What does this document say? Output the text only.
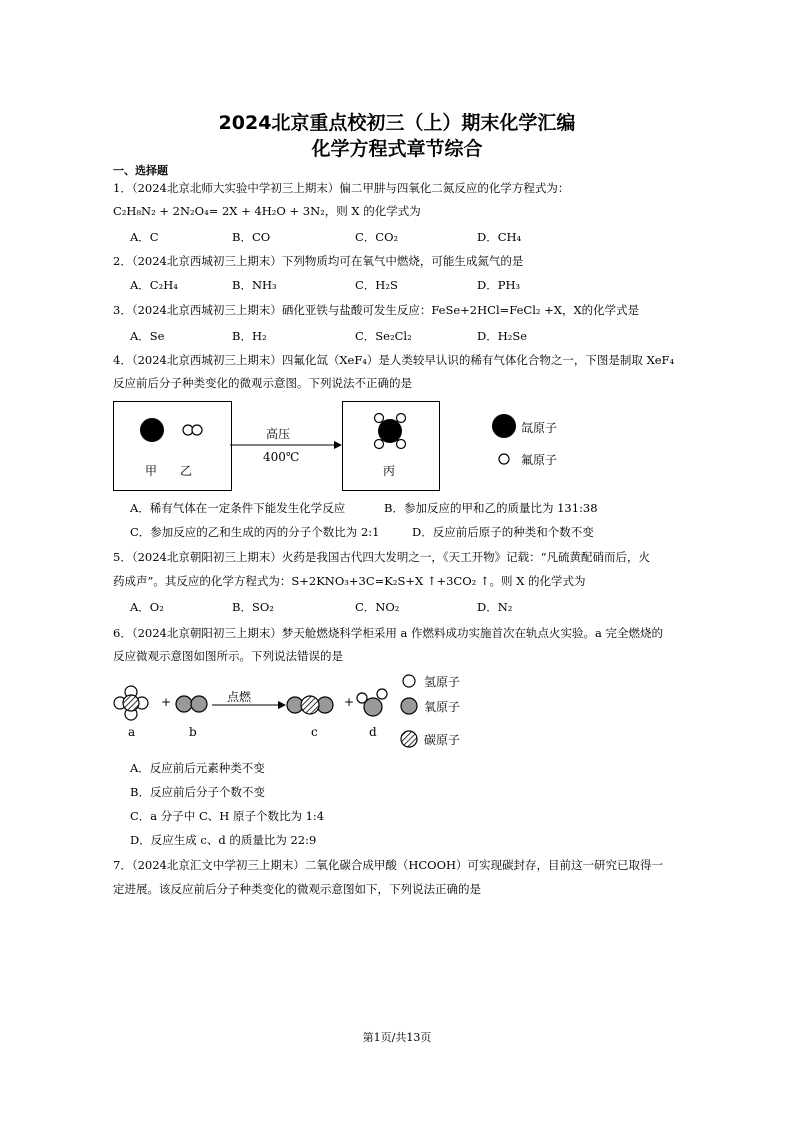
2024北京重点校初三（上）期末化学汇编
化学方程式章节综合
一、选择题
1．（2024北京北师大实验中学初三上期末）偏二甲肼与四氧化二氮反应的化学方程式为：
C₂H₈N₂ + 2N₂O₄= 2X + 4H₂O + 3N₂，则 X 的化学式为
A．C	B．CO	C．CO₂	D．CH₄
2．（2024北京西城初三上期末）下列物质均可在氧气中燃烧，可能生成氮气的是
A．C₂H₄	B．NH₃	C．H₂S	D．PH₃
3．（2024北京西城初三上期末）硒化亚铁与盐酸可发生反应：FeSe+2HCl=FeCl₂ +X，X的化学式是
A．Se	B．H₂	C．Se₂Cl₂	D．H₂Se
4．（2024北京西城初三上期末）四氟化氙（XeF₄）是人类较早认识的稀有气体化合物之一，下图是制取 XeF₄
反应前后分子种类变化的微观示意图。下列说法不正确的是
甲 乙
高压
400℃
丙
氙原子
氟原子
A．稀有气体在一定条件下能发生化学反应	B．参加反应的甲和乙的质量比为 131:38
C．参加反应的乙和生成的丙的分子个数比为 2:1	D．反应前后原子的种类和个数不变
5．（2024北京朝阳初三上期末）火药是我国古代四大发明之一，《天工开物》记载：“凡硫黄配硝而后，火
药成声”。其反应的化学方程式为：S+2KNO₃+3C=K₂S+X ↑+3CO₂ ↑。则 X 的化学式为
A．O₂	B．SO₂	C．NO₂	D．N₂
6．（2024北京朝阳初三上期末）梦天舱燃烧科学柜采用 a 作燃料成功实施首次在轨点火实验。a 完全燃烧的
反应微观示意图如图所示。下列说法错误的是
+	+
点燃
a	b	c	d
氢原子
氧原子
碳原子
A．反应前后元素种类不变
B．反应前后分子个数不变
C．a 分子中 C、H 原子个数比为 1:4
D．反应生成 c、d 的质量比为 22:9
7．（2024北京汇文中学初三上期末）二氧化碳合成甲酸（HCOOH）可实现碳封存，目前这一研究已取得一
定进展。该反应前后分子种类变化的微观示意图如下，下列说法正确的是
第1页/共13页
